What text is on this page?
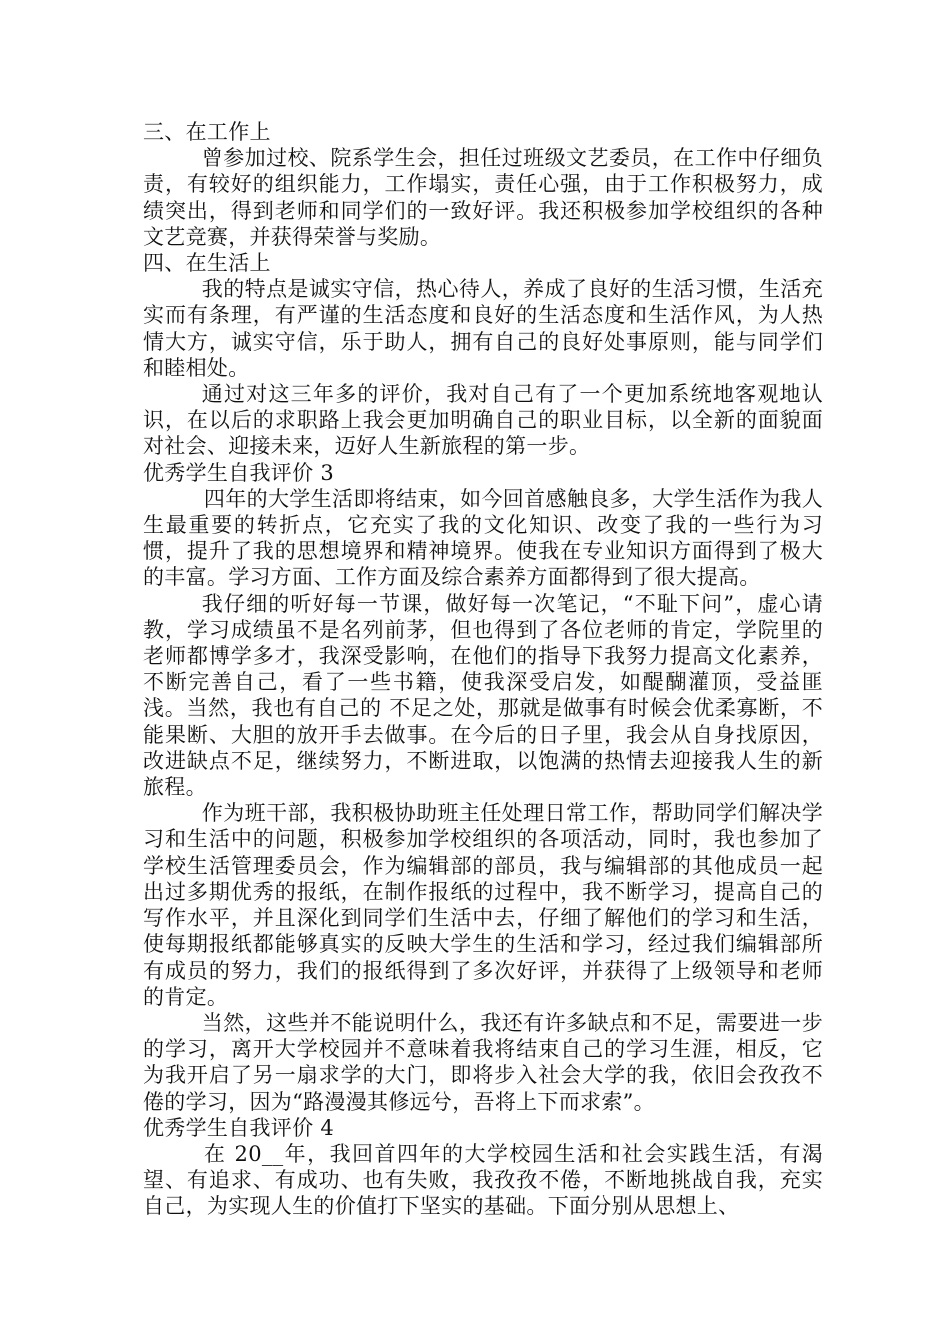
三、在工作上

曾参加过校、院系学生会，担任过班级文艺委员，在工作中仔细负责，有较好的组织能力，工作塌实，责任心强，由于工作积极努力，成绩突出，得到老师和同学们的一致好评。我还积极参加学校组织的各种文艺竞赛，并获得荣誉与奖励。

四、在生活上

我的特点是诚实守信，热心待人，养成了良好的生活习惯，生活充实而有条理，有严谨的生活态度和良好的生活态度和生活作风，为人热情大方，诚实守信，乐于助人，拥有自己的良好处事原则，能与同学们和睦相处。

通过对这三年多的评价，我对自己有了一个更加系统地客观地认识，在以后的求职路上我会更加明确自己的职业目标，以全新的面貌面对社会、迎接未来，迈好人生新旅程的第一步。

优秀学生自我评价 3

四年的大学生活即将结束，如今回首感触良多，大学生活作为我人生最重要的转折点，它充实了我的文化知识、改变了我的一些行为习惯，提升了我的思想境界和精神境界。使我在专业知识方面得到了极大的丰富。学习方面、工作方面及综合素养方面都得到了很大提高。

我仔细的听好每一节课，做好每一次笔记，“不耻下问”，虚心请教，学习成绩虽不是名列前茅，但也得到了各位老师的肯定，学院里的老师都博学多才，我深受影响，在他们的指导下我努力提高文化素养，不断完善自己，看了一些书籍，使我深受启发，如醍醐灌顶，受益匪浅。当然，我也有自己的 不足之处，那就是做事有时候会优柔寡断，不能果断、大胆的放开手去做事。在今后的日子里，我会从自身找原因，改进缺点不足，继续努力，不断进取，以饱满的热情去迎接我人生的新旅程。

作为班干部，我积极协助班主任处理日常工作，帮助同学们解决学习和生活中的问题，积极参加学校组织的各项活动，同时，我也参加了学校生活管理委员会，作为编辑部的部员，我与编辑部的其他成员一起出过多期优秀的报纸，在制作报纸的过程中，我不断学习，提高自己的写作水平，并且深化到同学们生活中去，仔细了解他们的学习和生活，使每期报纸都能够真实的反映大学生的生活和学习，经过我们编辑部所有成员的努力，我们的报纸得到了多次好评，并获得了上级领导和老师的肯定。

当然，这些并不能说明什么，我还有许多缺点和不足，需要进一步的学习，离开大学校园并不意味着我将结束自己的学习生涯，相反，它为我开启了另一扇求学的大门，即将步入社会大学的我，依旧会孜孜不倦的学习，因为“路漫漫其修远兮，吾将上下而求索”。

优秀学生自我评价 4

在 20__年，我回首四年的大学校园生活和社会实践生活，有渴望、有追求、有成功、也有失败，我孜孜不倦，不断地挑战自我，充实自己，为实现人生的价值打下坚实的基础。下面分别从思想上、
